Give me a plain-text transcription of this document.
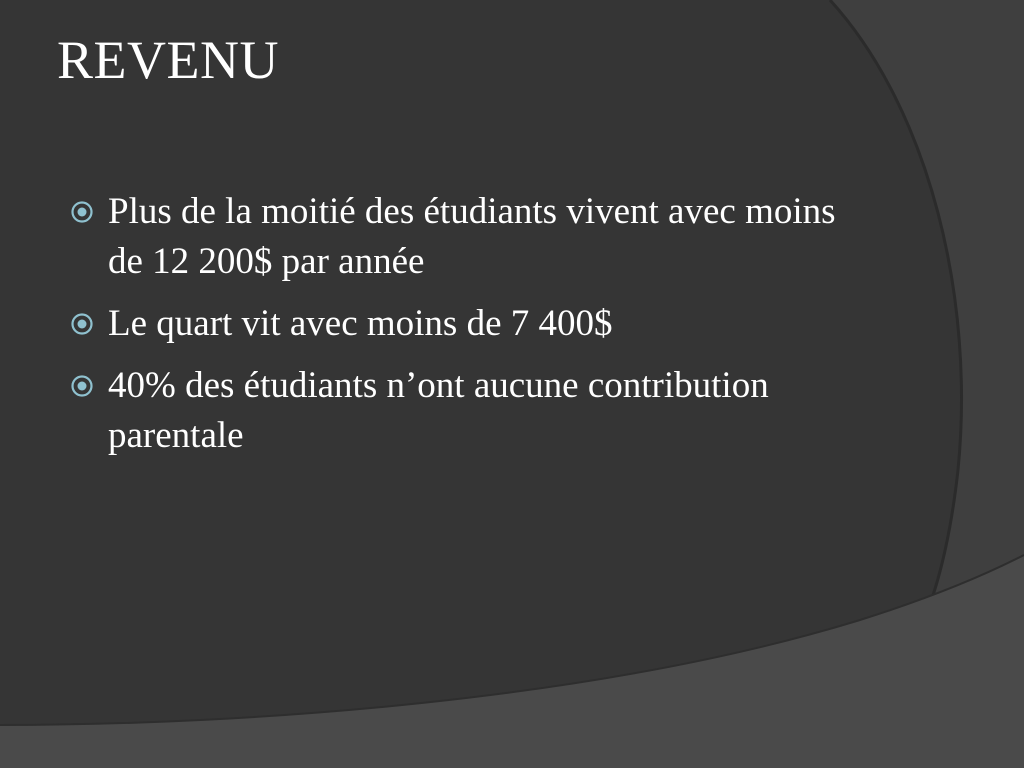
REVENU
Plus de la moitié des étudiants vivent avec moins de 12 200$ par année
Le quart vit avec moins de 7 400$
40% des étudiants n’ont aucune contribution parentale
